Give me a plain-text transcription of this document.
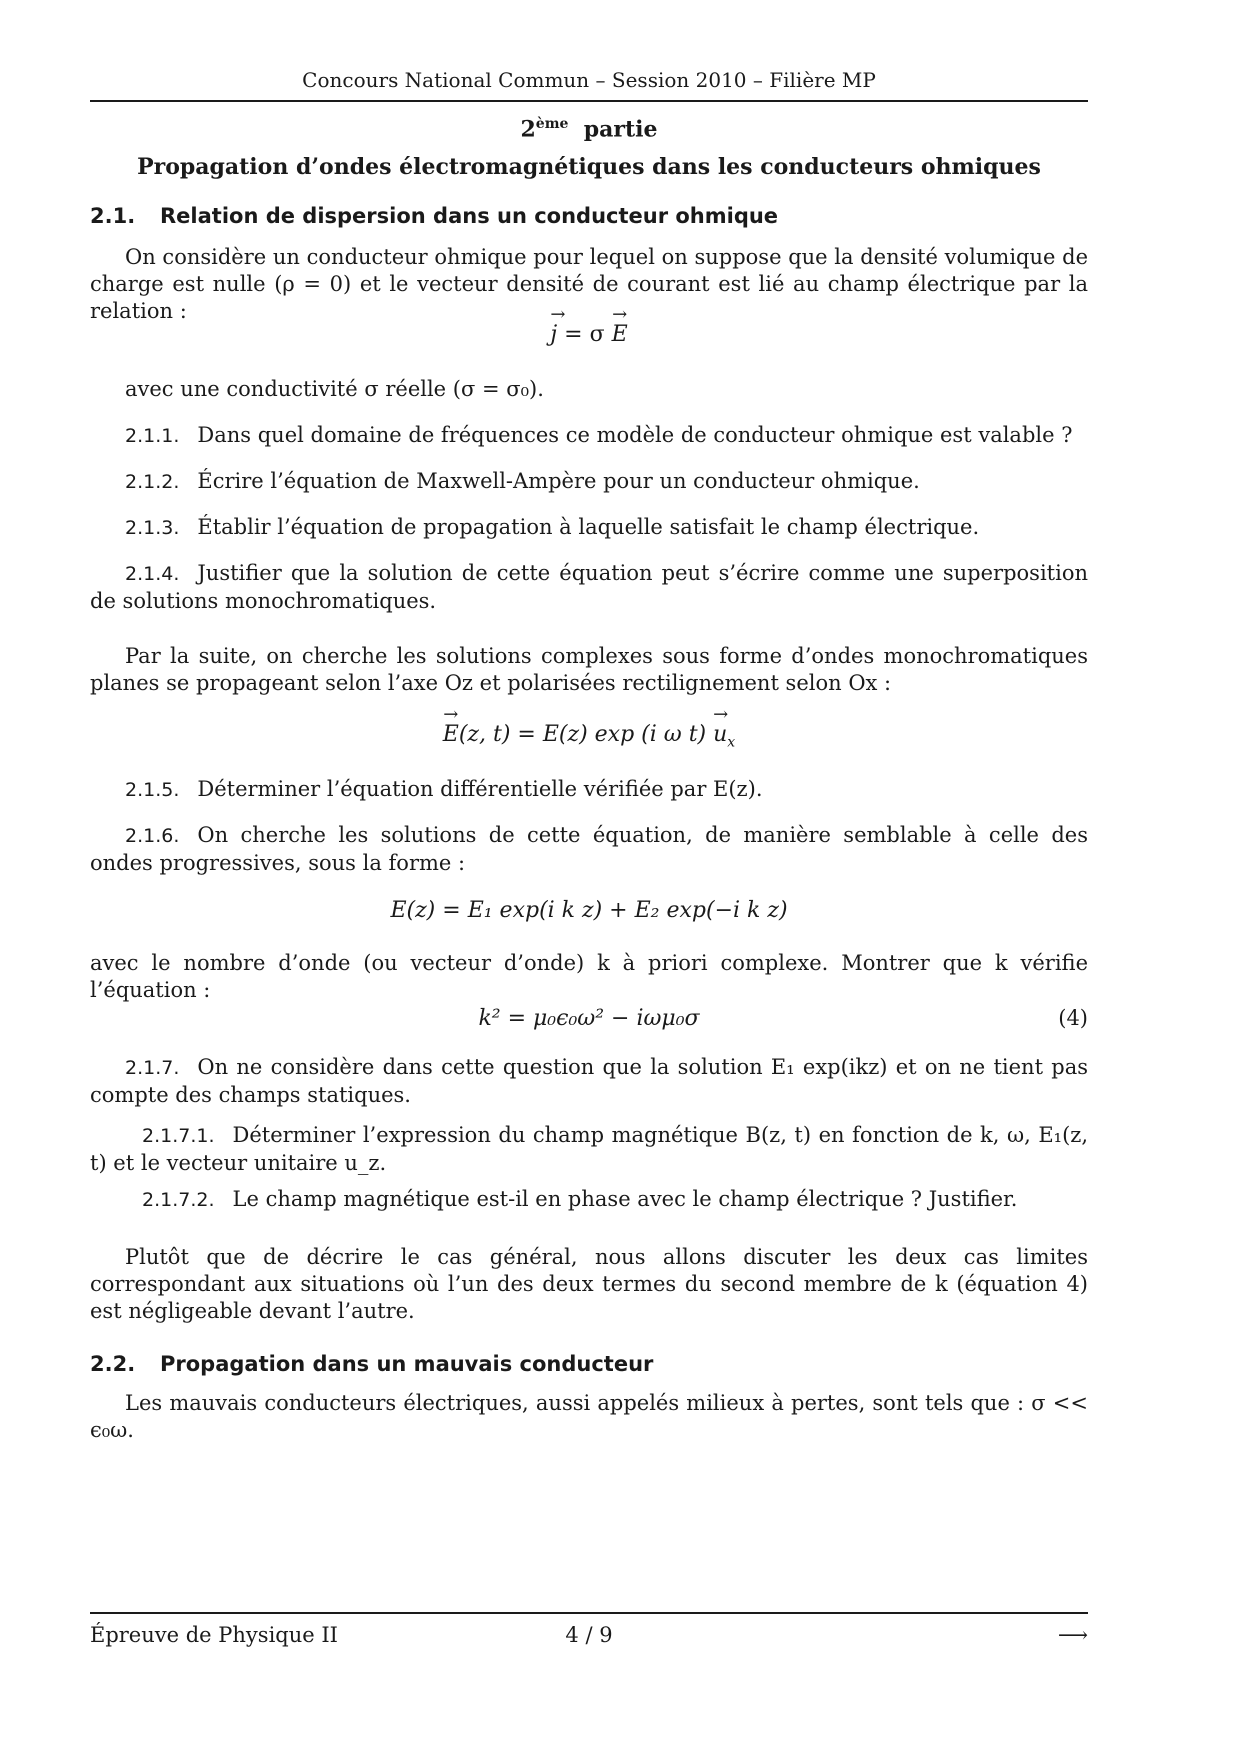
Concours National Commun – Session 2010 – Filière MP
2ème partie
Propagation d’ondes électromagnétiques dans les conducteurs ohmiques
2.1. Relation de dispersion dans un conducteur ohmique
On considère un conducteur ohmique pour lequel on suppose que la densité volumique de charge est nulle (ρ = 0) et le vecteur densité de courant est lié au champ électrique par la relation :
→ j = σ → E
avec une conductivité σ réelle (σ = σ₀).
2.1.1. Dans quel domaine de fréquences ce modèle de conducteur ohmique est valable ?
2.1.2. Écrire l’équation de Maxwell-Ampère pour un conducteur ohmique.
2.1.3. Établir l’équation de propagation à laquelle satisfait le champ électrique.
2.1.4. Justifier que la solution de cette équation peut s’écrire comme une superposition de solutions monochromatiques.
Par la suite, on cherche les solutions complexes sous forme d’ondes monochromatiques planes se propageant selon l’axe Oz et polarisées rectilignement selon Ox :
→ E(z, t) = E(z) exp (i ω $t) \to u_x$
2.1.5. Déterminer l’équation différentielle vérifiée par E(z).
2.1.6. On cherche les solutions de cette équation, de manière semblable à celle des ondes progressives, sous la forme :
E(z) = E₁ exp(i k z) + E₂ exp(−i k z)
avec le nombre d’onde (ou vecteur d’onde) k à priori complexe. Montrer que k vérifie l’équation :
k² = μ₀ϵ₀ω² − iωμ₀σ	(4)
2.1.7. On ne considère dans cette question que la solution E₁ exp(ikz) et on ne tient pas compte des champs statiques.
2.1.7.1. Déterminer l’expression du champ magnétique B(z, t) en fonction de k, ω, E₁(z, t) et le vecteur unitaire u_z.
2.1.7.2. Le champ magnétique est-il en phase avec le champ électrique ? Justifier.
Plutôt que de décrire le cas général, nous allons discuter les deux cas limites correspondant aux situations où l’un des deux termes du second membre de k (équation 4) est négligeable devant l’autre.
2.2. Propagation dans un mauvais conducteur
Les mauvais conducteurs électriques, aussi appelés milieux à pertes, sont tels que : σ << ϵ₀ω.
Épreuve de Physique II	4 / 9	⟶
